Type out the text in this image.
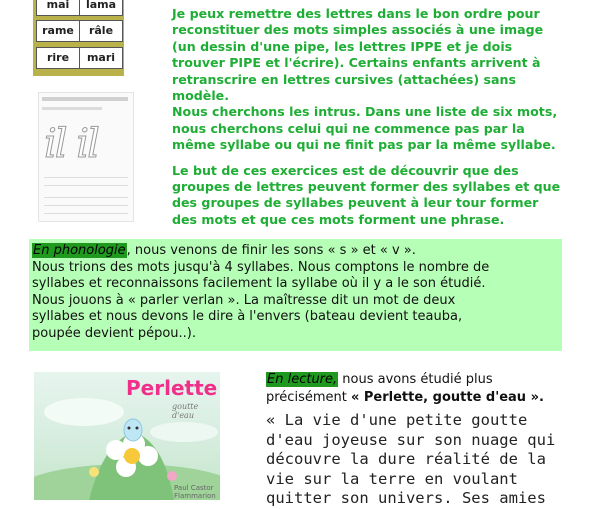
mai	lama
rame	râle
rire	mari
il il

Je peux remettre des lettres dans le bon ordre pour

reconstituer des mots simples associés à une image

(un dessin d'une pipe, les lettres IPPE et je dois

trouver PIPE et l'écrire). Certains enfants arrivent à

retranscrire en lettres cursives (attachées) sans

modèle.

Nous cherchons les intrus. Dans une liste de six mots,

nous cherchons celui qui ne commence pas par la

même syllabe ou qui ne finit pas par la même syllabe.

Le but de ces exercices est de découvrir que des

groupes de lettres peuvent former des syllabes et que

des groupes de syllabes peuvent à leur tour former

des mots et que ces mots forment une phrase.

En phonologie, nous venons de finir les sons « s » et « v ».

Nous trions des mots jusqu'à 4 syllabes. Nous comptons le nombre de

syllabes et reconnaissons facilement la syllabe où il y a le son étudié.

Nous jouons à « parler verlan ». La maîtresse dit un mot de deux

syllabes et nous devons le dire à l'envers (bateau devient teauba,

poupée devient pépou..).

Perlette
goutte d'eau
Paul Castor Flammarion
En lecture, nous avons étudié plus
précisément « Perlette, goutte d'eau ».
« La vie d'une petite goutte
d'eau joyeuse sur son nuage qui
découvre la dure réalité de la
vie sur la terre en voulant
quitter son univers. Ses amies
